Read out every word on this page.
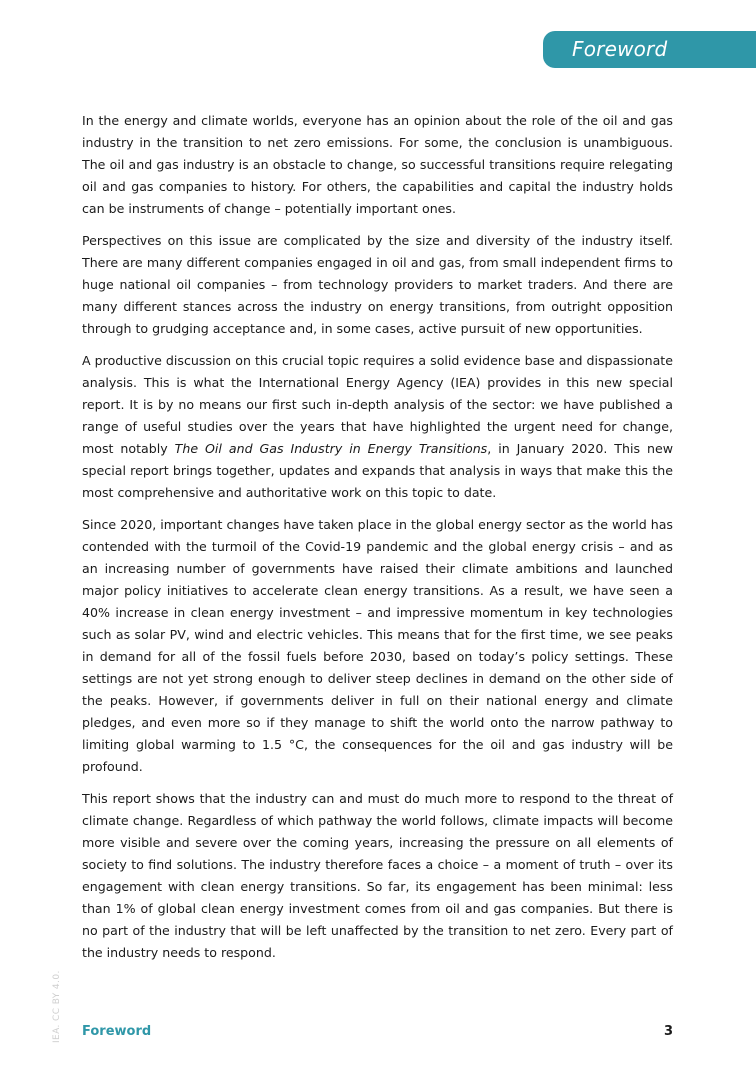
Foreword

In the energy and climate worlds, everyone has an opinion about the role of the oil and gas industry in the transition to net zero emissions. For some, the conclusion is unambiguous. The oil and gas industry is an obstacle to change, so successful transitions require relegating oil and gas companies to history. For others, the capabilities and capital the industry holds can be instruments of change – potentially important ones.

Perspectives on this issue are complicated by the size and diversity of the industry itself. There are many different companies engaged in oil and gas, from small independent firms to huge national oil companies – from technology providers to market traders. And there are many different stances across the industry on energy transitions, from outright opposition through to grudging acceptance and, in some cases, active pursuit of new opportunities.

A productive discussion on this crucial topic requires a solid evidence base and dispassionate analysis. This is what the International Energy Agency (IEA) provides in this new special report. It is by no means our first such in-depth analysis of the sector: we have published a range of useful studies over the years that have highlighted the urgent need for change, most notably The Oil and Gas Industry in Energy Transitions, in January 2020. This new special report brings together, updates and expands that analysis in ways that make this the most comprehensive and authoritative work on this topic to date.

Since 2020, important changes have taken place in the global energy sector as the world has contended with the turmoil of the Covid-19 pandemic and the global energy crisis – and as an increasing number of governments have raised their climate ambitions and launched major policy initiatives to accelerate clean energy transitions. As a result, we have seen a 40% increase in clean energy investment – and impressive momentum in key technologies such as solar PV, wind and electric vehicles. This means that for the first time, we see peaks in demand for all of the fossil fuels before 2030, based on today’s policy settings. These settings are not yet strong enough to deliver steep declines in demand on the other side of the peaks. However, if governments deliver in full on their national energy and climate pledges, and even more so if they manage to shift the world onto the narrow pathway to limiting global warming to 1.5 °C, the consequences for the oil and gas industry will be profound.

This report shows that the industry can and must do much more to respond to the threat of climate change. Regardless of which pathway the world follows, climate impacts will become more visible and severe over the coming years, increasing the pressure on all elements of society to find solutions. The industry therefore faces a choice – a moment of truth – over its engagement with clean energy transitions. So far, its engagement has been minimal: less than 1% of global clean energy investment comes from oil and gas companies. But there is no part of the industry that will be left unaffected by the transition to net zero. Every part of the industry needs to respond.

IEA. CC BY 4.0. Foreword	3
